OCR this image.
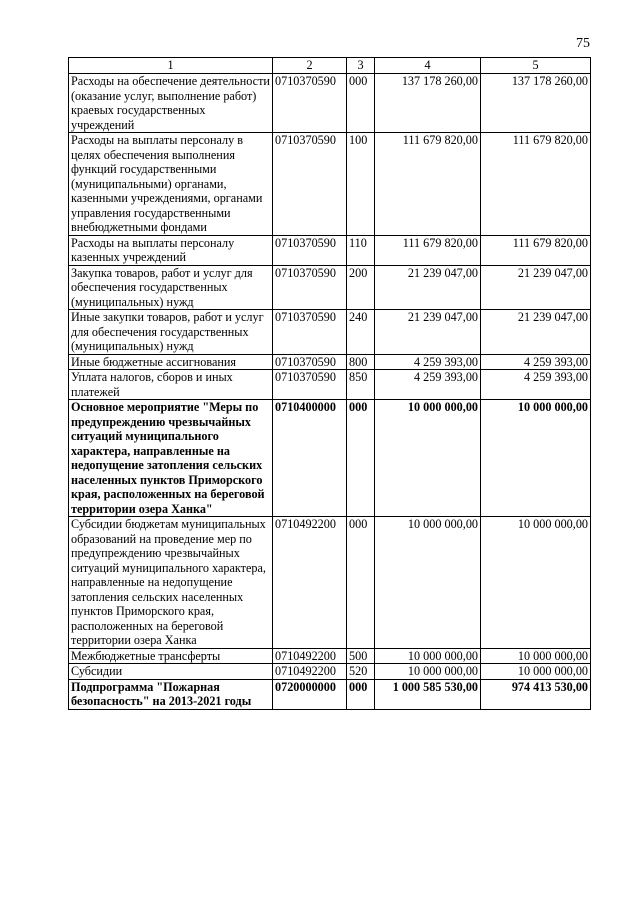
75
1	2	3	4	5
Расходы на обеспечение деятельности (оказание услуг, выполнение работ) краевых государственных учреждений	0710370590	000	137 178 260,00	137 178 260,00
Расходы на выплаты персоналу в целях обеспечения выполнения функций государственными (муниципальными) органами, казенными учреждениями, органами управления государственными внебюджетными фондами	0710370590	100	111 679 820,00	111 679 820,00
Расходы на выплаты персоналу казенных учреждений	0710370590	110	111 679 820,00	111 679 820,00
Закупка товаров, работ и услуг для обеспечения государственных (муниципальных) нужд	0710370590	200	21 239 047,00	21 239 047,00
Иные закупки товаров, работ и услуг для обеспечения государственных (муниципальных) нужд	0710370590	240	21 239 047,00	21 239 047,00
Иные бюджетные ассигнования	0710370590	800	4 259 393,00	4 259 393,00
Уплата налогов, сборов и иных платежей	0710370590	850	4 259 393,00	4 259 393,00
Основное мероприятие "Меры по предупреждению чрезвычайных ситуаций муниципального характера, направленные на недопущение затопления сельских населенных пунктов Приморского края, расположенных на береговой территории озера Ханка"	0710400000	000	10 000 000,00	10 000 000,00
Субсидии бюджетам муниципальных образований на проведение мер по предупреждению чрезвычайных ситуаций муниципального характера, направленные на недопущение затопления сельских населенных пунктов Приморского края, расположенных на береговой территории озера Ханка	0710492200	000	10 000 000,00	10 000 000,00
Межбюджетные трансферты	0710492200	500	10 000 000,00	10 000 000,00
Субсидии	0710492200	520	10 000 000,00	10 000 000,00
Подпрограмма "Пожарная безопасность" на 2013-2021 годы	0720000000	000	1 000 585 530,00	974 413 530,00
